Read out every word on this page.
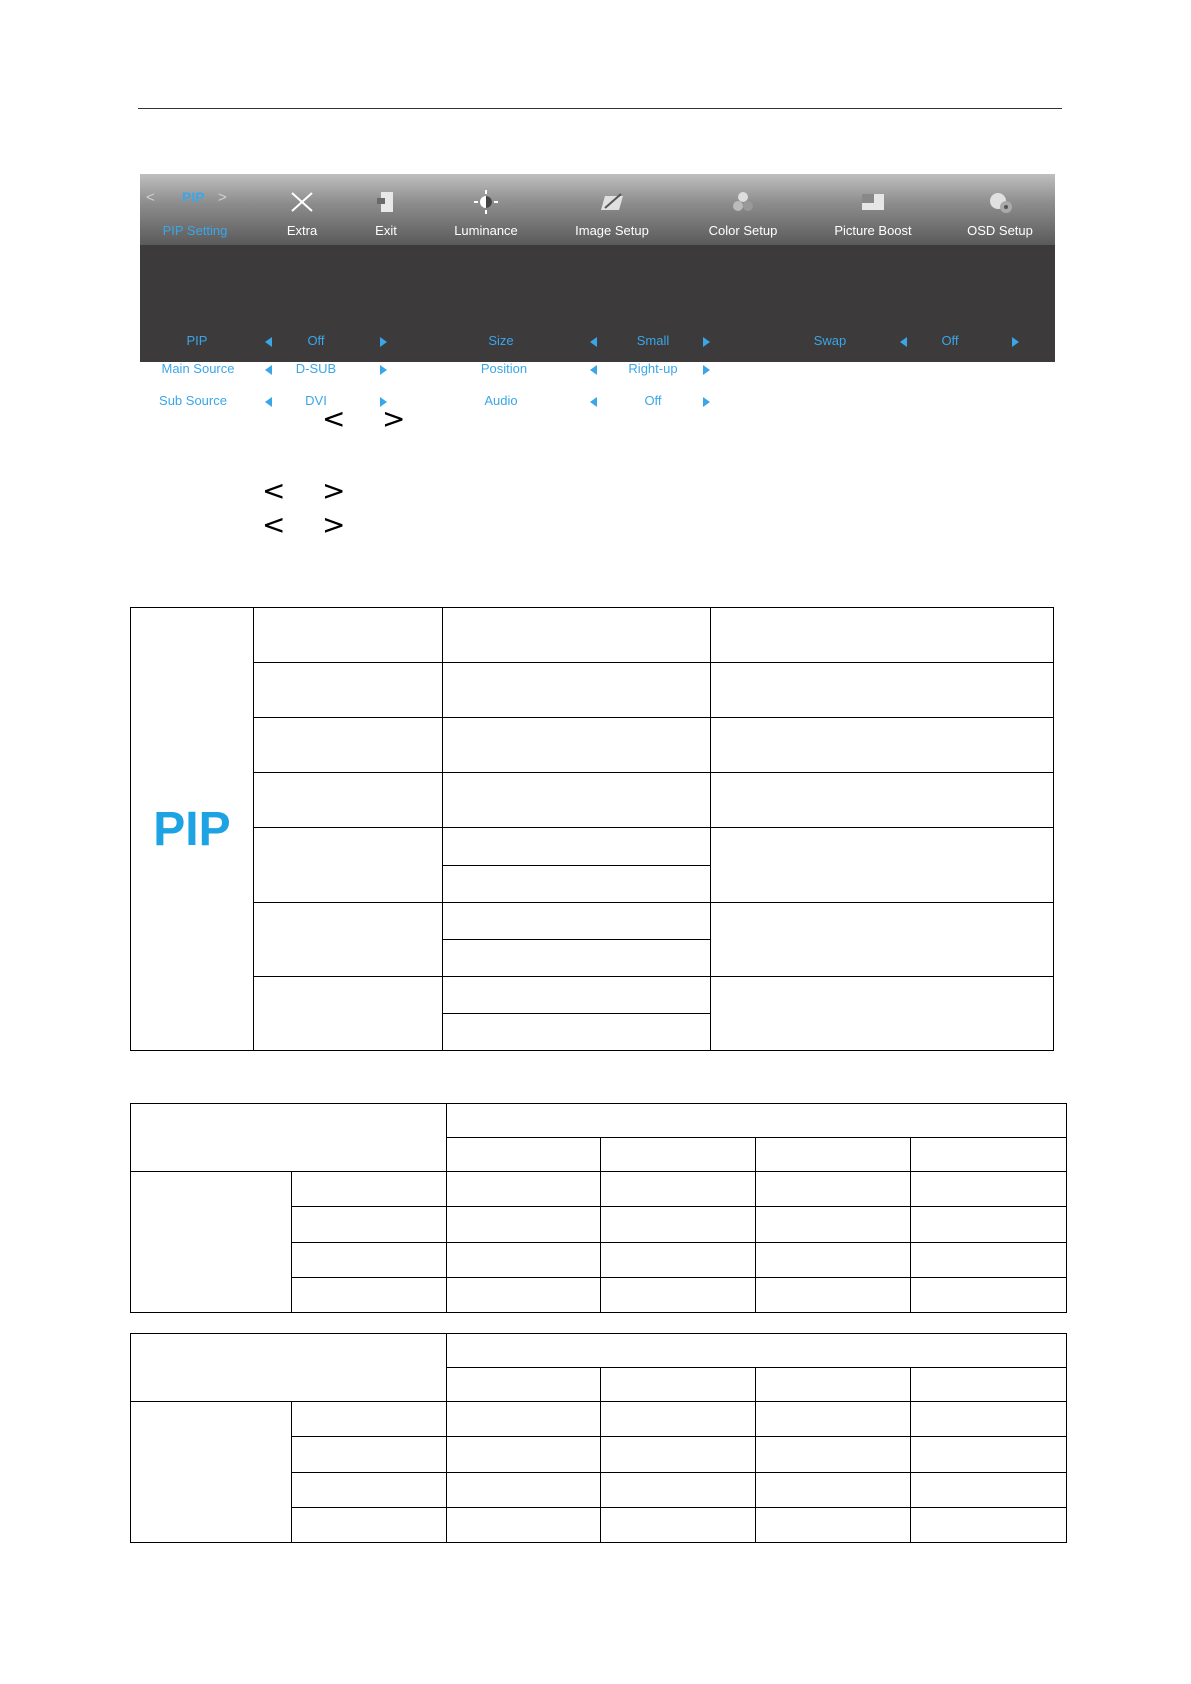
< PIP >
PIP Setting	Extra	Exit	Luminance	Image Setup	Color Setup	Picture Boost	OSD Setup
PIP	Off
Main Source	D-SUB
Sub Source	DVI
Size	Small
Position	Right-up
Audio	Off
Swap	Off
< >
< >
< >
PIP			
